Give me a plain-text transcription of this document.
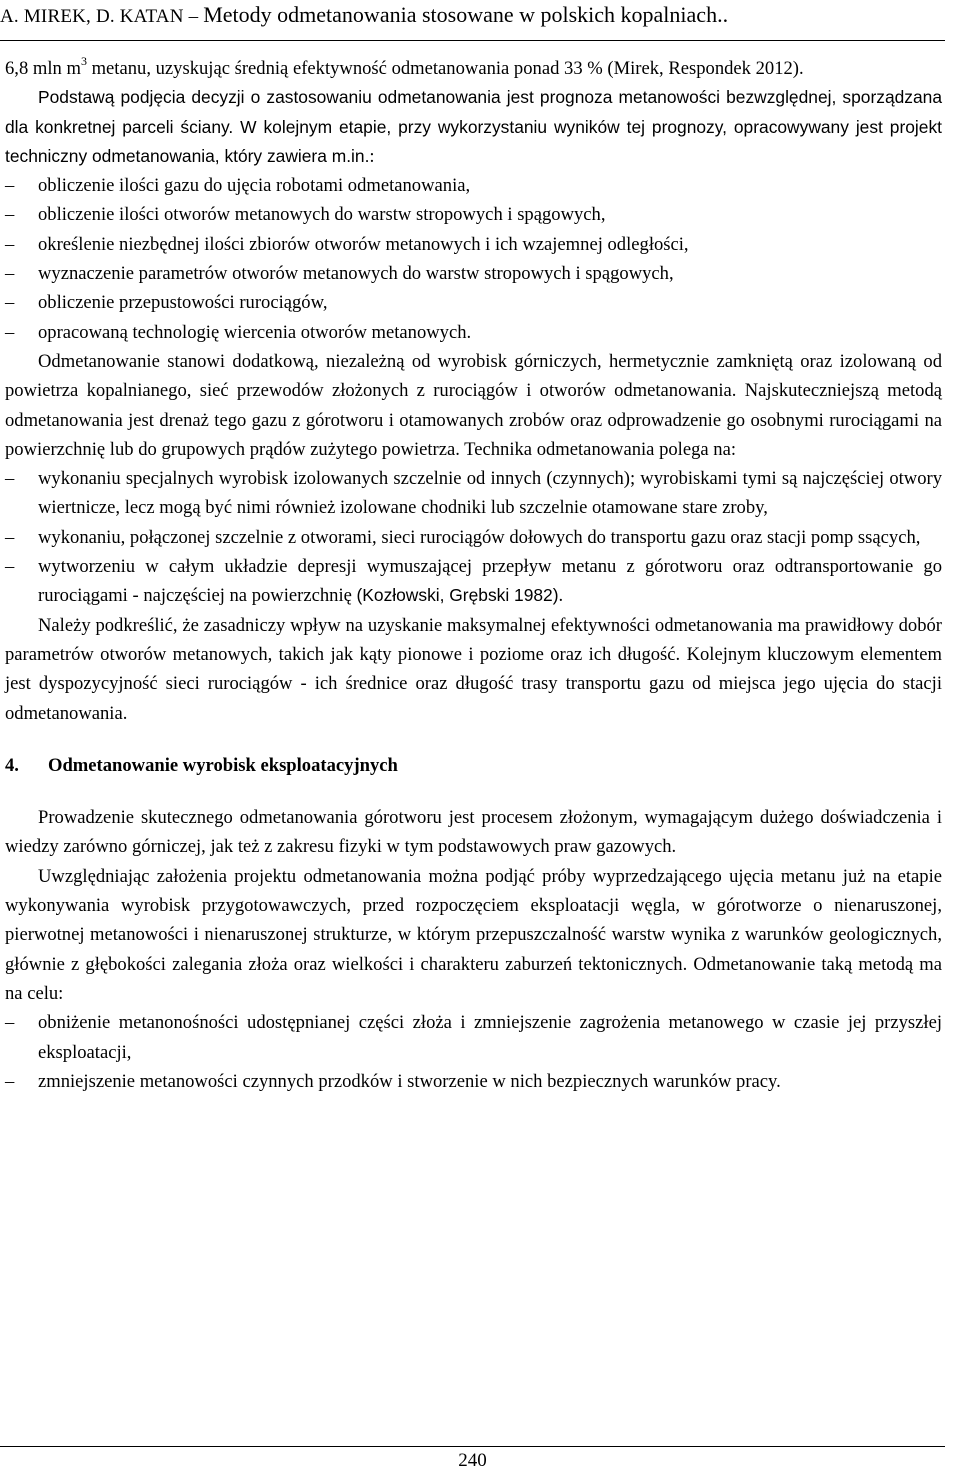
A. MIREK, D. KATAN – Metody odmetanowania stosowane w polskich kopalniach..

6,8 mln $m^3$ metanu, uzyskując średnią efektywność odmetanowania ponad 33 % (Mirek, Respondek 2012).

Podstawą podjęcia decyzji o zastosowaniu odmetanowania jest prognoza metanowości bezwzględnej, sporządzana dla konkretnej parceli ściany. W kolejnym etapie, przy wykorzystaniu wyników tej prognozy, opracowywany jest projekt techniczny odmetanowania, który zawiera m.in.:

– obliczenie ilości gazu do ujęcia robotami odmetanowania,
– obliczenie ilości otworów metanowych do warstw stropowych i spągowych,
– określenie niezbędnej ilości zbiorów otworów metanowych i ich wzajemnej odległości,
– wyznaczenie parametrów otworów metanowych do warstw stropowych i spągowych,
– obliczenie przepustowości rurociągów,
– opracowaną technologię wiercenia otworów metanowych.

Odmetanowanie stanowi dodatkową, niezależną od wyrobisk górniczych, hermetycznie zamkniętą oraz izolowaną od powietrza kopalnianego, sieć przewodów złożonych z rurociągów i otworów odmetanowania. Najskuteczniejszą metodą odmetanowania jest drenaż tego gazu z górotworu i otamowanych zrobów oraz odprowadzenie go osobnymi rurociągami na powierzchnię lub do grupowych prądów zużytego powietrza. Technika odmetanowania polega na:

– wykonaniu specjalnych wyrobisk izolowanych szczelnie od innych (czynnych); wyrobiskami tymi są najczęściej otwory wiertnicze, lecz mogą być nimi również izolowane chodniki lub szczelnie otamowane stare zroby,
– wykonaniu, połączonej szczelnie z otworami, sieci rurociągów dołowych do transportu gazu oraz stacji pomp ssących,
– wytworzeniu w całym układzie depresji wymuszającej przepływ metanu z górotworu oraz odtransportowanie go rurociągami - najczęściej na powierzchnię (Kozłowski, Grębski 1982).

Należy podkreślić, że zasadniczy wpływ na uzyskanie maksymalnej efektywności odmetanowania ma prawidłowy dobór parametrów otworów metanowych, takich jak kąty pionowe i poziome oraz ich długość. Kolejnym kluczowym elementem jest dyspozycyjność sieci rurociągów - ich średnice oraz długość trasy transportu gazu od miejsca jego ujęcia do stacji odmetanowania.

4. Odmetanowanie wyrobisk eksploatacyjnych

Prowadzenie skutecznego odmetanowania górotworu jest procesem złożonym, wymagającym dużego doświadczenia i wiedzy zarówno górniczej, jak też z zakresu fizyki w tym podstawowych praw gazowych.

Uwzględniając założenia projektu odmetanowania można podjąć próby wyprzedzającego ujęcia metanu już na etapie wykonywania wyrobisk przygotowawczych, przed rozpoczęciem eksploatacji węgla, w górotworze o nienaruszonej, pierwotnej metanowości i nienaruszonej strukturze, w którym przepuszczalność warstw wynika z warunków geologicznych, głównie z głębokości zalegania złoża oraz wielkości i charakteru zaburzeń tektonicznych. Odmetanowanie taką metodą ma na celu:

– obniżenie metanonośności udostępnianej części złoża i zmniejszenie zagrożenia metanowego w czasie jej przyszłej eksploatacji,
– zmniejszenie metanowości czynnych przodków i stworzenie w nich bezpiecznych warunków pracy.
240
